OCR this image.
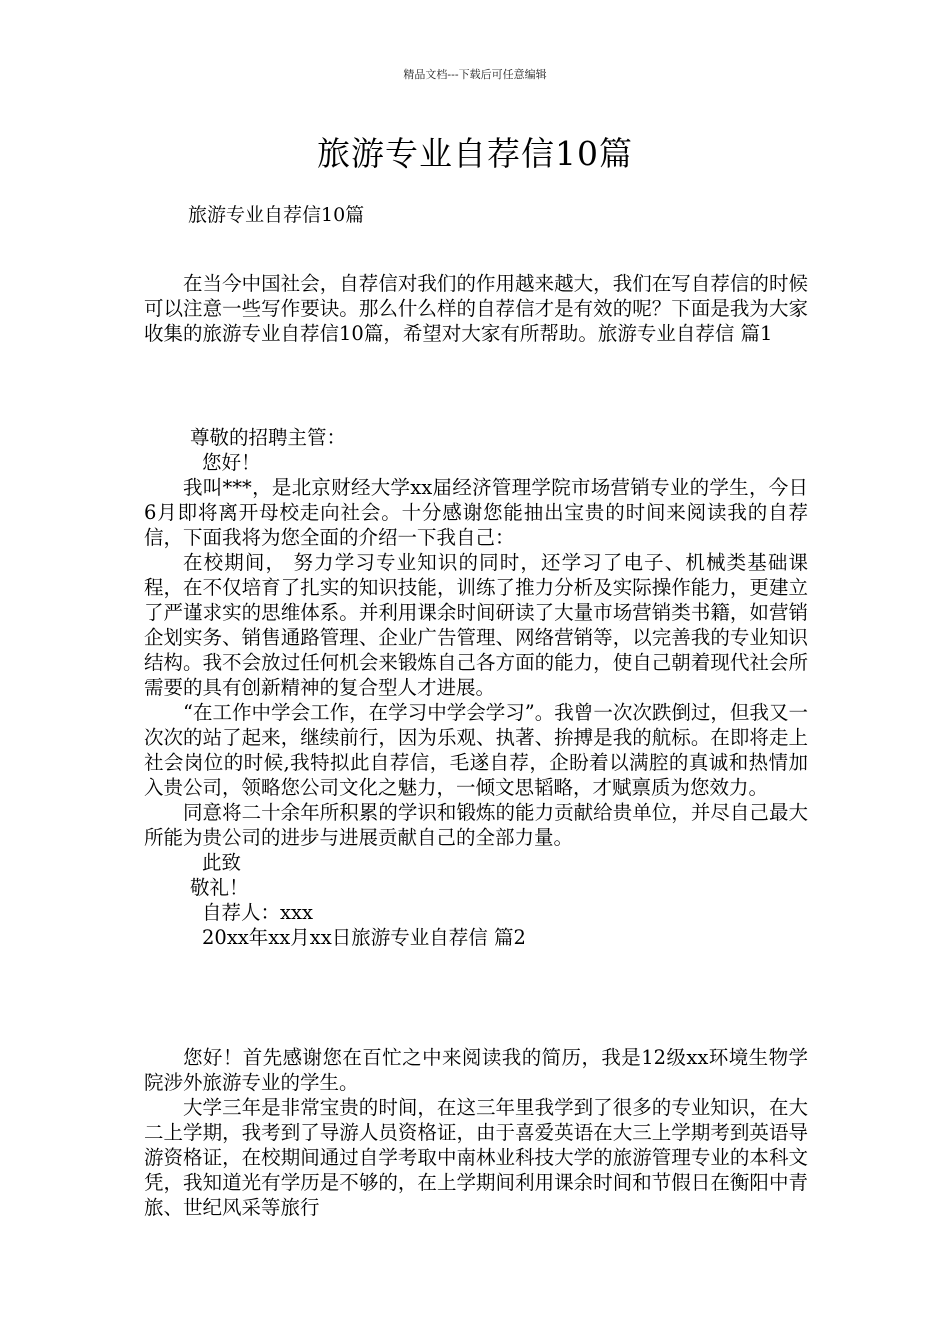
精品文档---下载后可任意编辑
旅游专业自荐信10篇
旅游专业自荐信10篇

在当今中国社会，自荐信对我们的作用越来越大，我们在写自荐信的时候可以注意一些写作要诀。那么什么样的自荐信才是有效的呢？下面是我为大家收集的旅游专业自荐信10篇，希望对大家有所帮助。旅游专业自荐信 篇1

尊敬的招聘主管：

您好！

我叫***，是北京财经大学xx届经济管理学院市场营销专业的学生，今日6月即将离开母校走向社会。十分感谢您能抽出宝贵的时间来阅读我的自荐信，下面我将为您全面的介绍一下我自己：

在校期间， 努力学习专业知识的同时，还学习了电子、机械类基础课程，在不仅培育了扎实的知识技能，训练了推力分析及实际操作能力，更建立了严谨求实的思维体系。并利用课余时间研读了大量市场营销类书籍，如营销企划实务、销售通路管理、企业广告管理、网络营销等，以完善我的专业知识结构。我不会放过任何机会来锻炼自己各方面的能力，使自己朝着现代社会所需要的具有创新精神的复合型人才进展。

“在工作中学会工作，在学习中学会学习”。我曾一次次跌倒过，但我又一次次的站了起来，继续前行，因为乐观、执著、拚搏是我的航标。在即将走上社会岗位的时候,我特拟此自荐信，毛遂自荐，企盼着以满腔的真诚和热情加入贵公司，领略您公司文化之魅力，一倾文思韬略，才赋禀质为您效力。

同意将二十余年所积累的学识和锻炼的能力贡献给贵单位，并尽自己最大所能为贵公司的进步与进展贡献自己的全部力量。

此致

敬礼！

自荐人：xxx

20xx年xx月xx日旅游专业自荐信 篇2

您好！首先感谢您在百忙之中来阅读我的简历，我是12级xx环境生物学院涉外旅游专业的学生。

大学三年是非常宝贵的时间，在这三年里我学到了很多的专业知识，在大二上学期，我考到了导游人员资格证，由于喜爱英语在大三上学期考到英语导游资格证，在校期间通过自学考取中南林业科技大学的旅游管理专业的本科文凭，我知道光有学历是不够的，在上学期间利用课余时间和节假日在衡阳中青旅、世纪风采等旅行
